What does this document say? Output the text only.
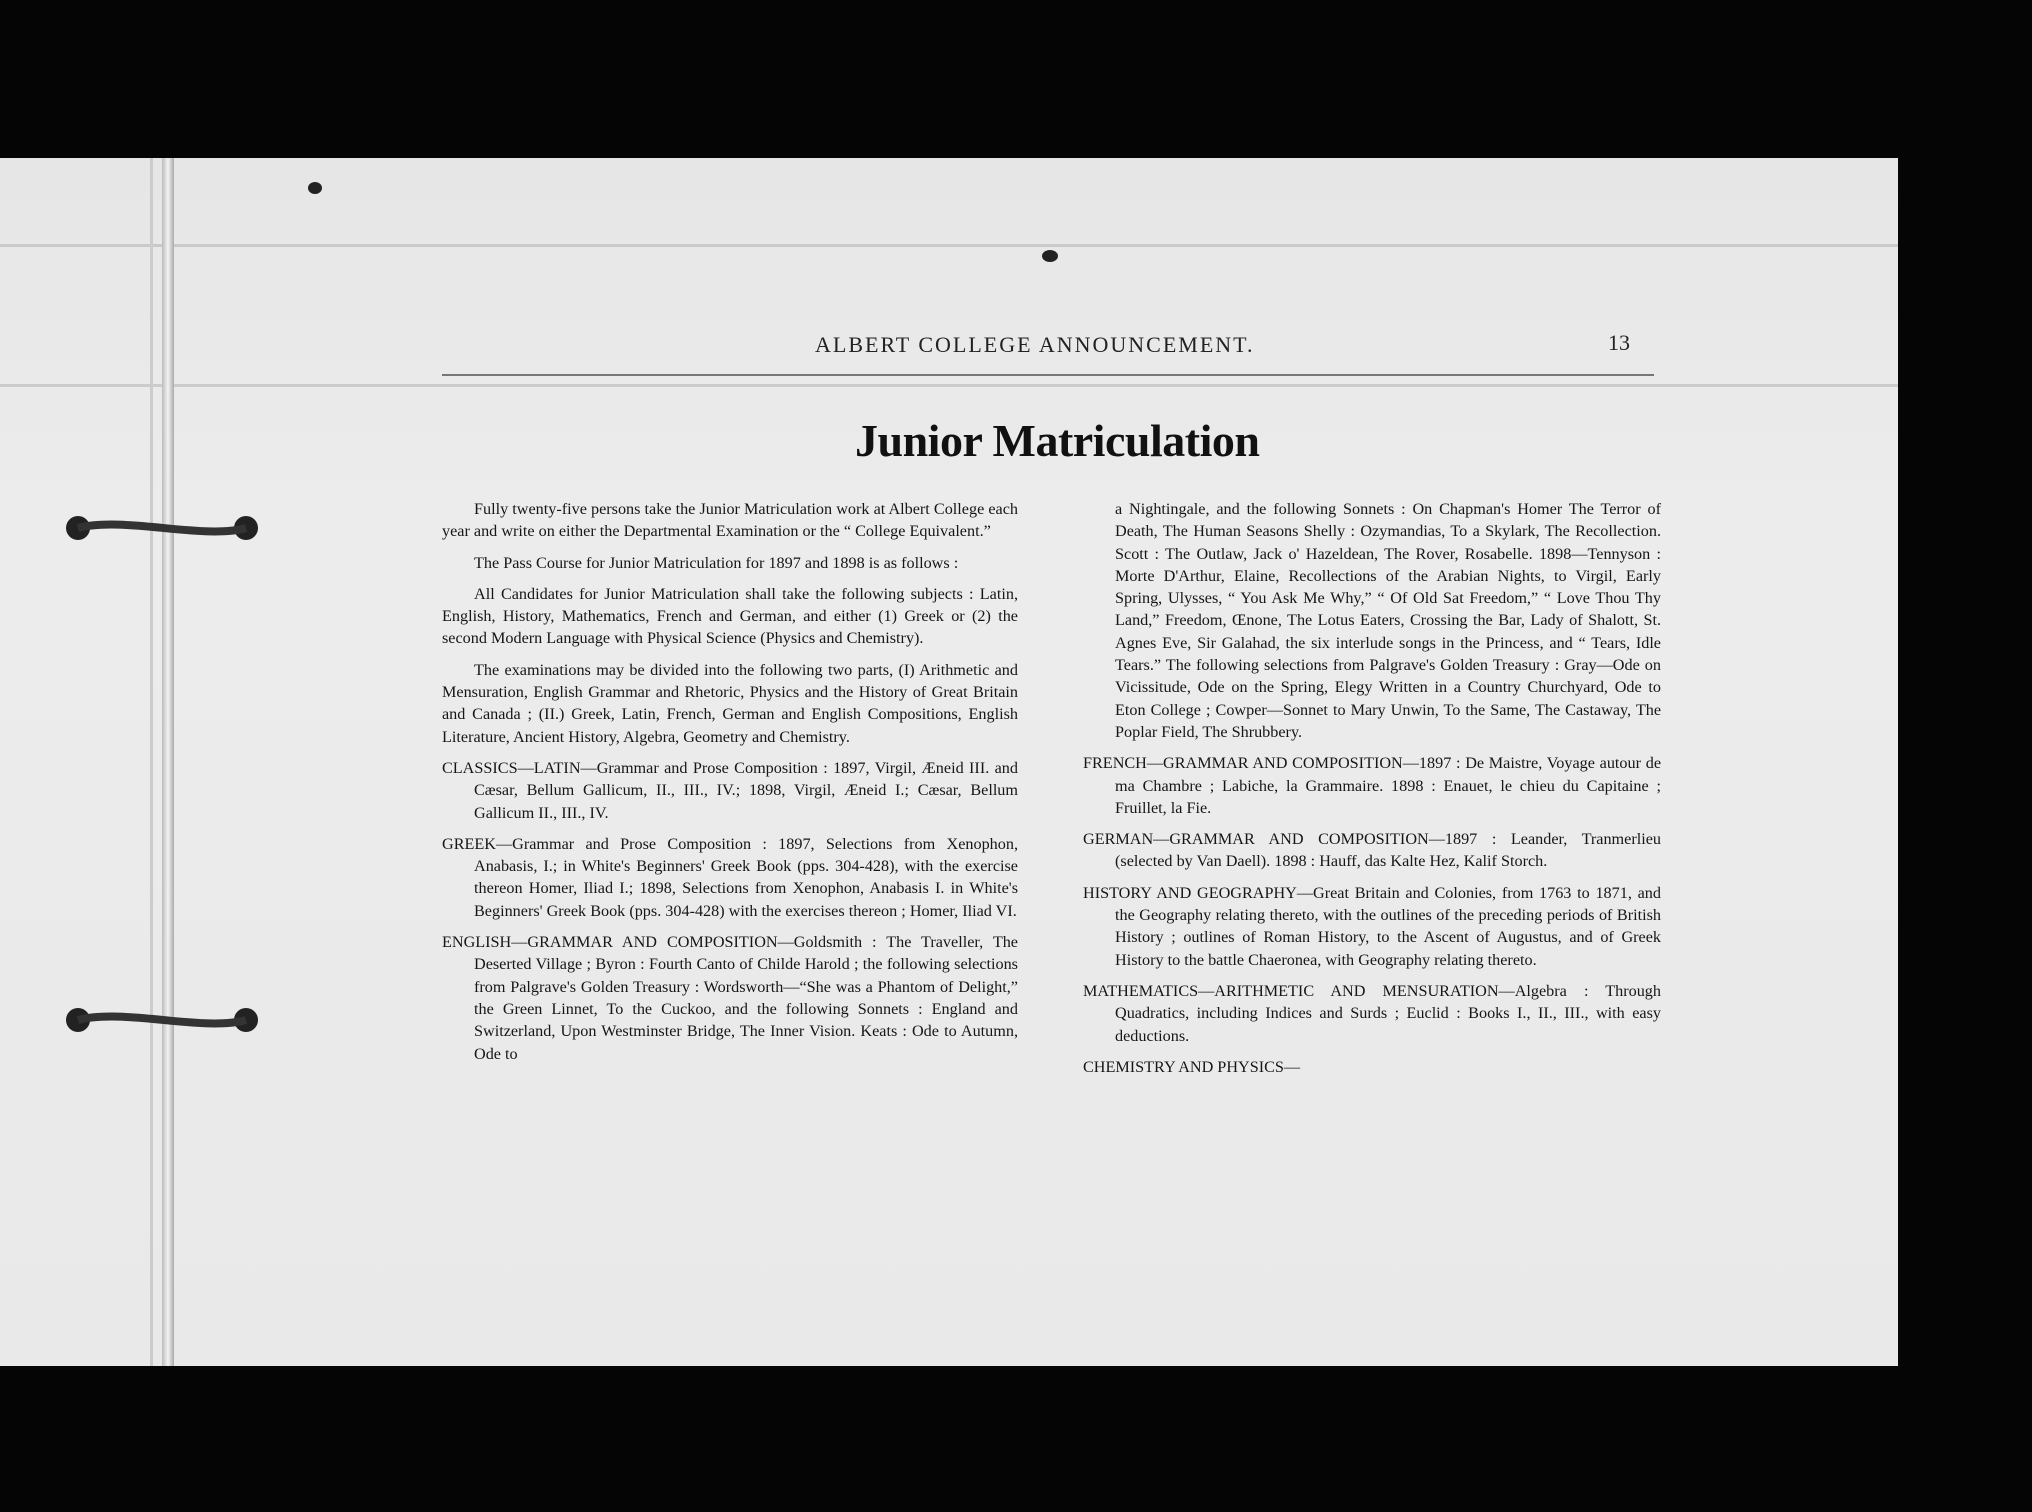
ALBERT COLLEGE ANNOUNCEMENT.	13
Junior Matriculation

Fully twenty-five persons take the Junior Matriculation work at Albert College each year and write on either the Departmental Examination or the “ College Equivalent.”

The Pass Course for Junior Matriculation for 1897 and 1898 is as follows :

All Candidates for Junior Matriculation shall take the following subjects : Latin, English, History, Mathematics, French and German, and either (1) Greek or (2) the second Modern Language with Physical Science (Physics and Chemistry).

The examinations may be divided into the following two parts, (I) Arithmetic and Mensuration, English Grammar and Rhetoric, Physics and the History of Great Britain and Canada ; (II.) Greek, Latin, French, German and English Compositions, English Literature, Ancient History, Algebra, Geometry and Chemistry.

CLASSICS—LATIN—Grammar and Prose Composition : 1897, Virgil, Æneid III. and Cæsar, Bellum Gallicum, II., III., IV.; 1898, Virgil, Æneid I.; Cæsar, Bellum Gallicum II., III., IV.

GREEK—Grammar and Prose Composition : 1897, Selections from Xenophon, Anabasis, I.; in White's Beginners' Greek Book (pps. 304-428), with the exercise thereon Homer, Iliad I.; 1898, Selections from Xenophon, Anabasis I. in White's Beginners' Greek Book (pps. 304-428) with the exercises thereon ; Homer, Iliad VI.

ENGLISH—GRAMMAR AND COMPOSITION—Goldsmith : The Traveller, The Deserted Village ; Byron : Fourth Canto of Childe Harold ; the following selections from Palgrave's Golden Treasury : Wordsworth—“She was a Phantom of Delight,” the Green Linnet, To the Cuckoo, and the following Sonnets : England and Switzerland, Upon Westminster Bridge, The Inner Vision. Keats : Ode to Autumn, Ode to

a Nightingale, and the following Sonnets : On Chapman's Homer The Terror of Death, The Human Seasons Shelly : Ozymandias, To a Skylark, The Recollection. Scott : The Outlaw, Jack o' Hazeldean, The Rover, Rosabelle. 1898—Tennyson : Morte D'Arthur, Elaine, Recollections of the Arabian Nights, to Virgil, Early Spring, Ulysses, “ You Ask Me Why,” “ Of Old Sat Freedom,” “ Love Thou Thy Land,” Freedom, Œnone, The Lotus Eaters, Crossing the Bar, Lady of Shalott, St. Agnes Eve, Sir Galahad, the six interlude songs in the Princess, and “ Tears, Idle Tears.” The following selections from Palgrave's Golden Treasury : Gray—Ode on Vicissitude, Ode on the Spring, Elegy Written in a Country Churchyard, Ode to Eton College ; Cowper—Sonnet to Mary Unwin, To the Same, The Castaway, The Poplar Field, The Shrubbery.

FRENCH—GRAMMAR AND COMPOSITION—1897 : De Maistre, Voyage autour de ma Chambre ; Labiche, la Grammaire. 1898 : Enauet, le chieu du Capitaine ; Fruillet, la Fie.

GERMAN—GRAMMAR AND COMPOSITION—1897 : Leander, Tranmerlieu (selected by Van Daell). 1898 : Hauff, das Kalte Hez, Kalif Storch.

HISTORY AND GEOGRAPHY—Great Britain and Colonies, from 1763 to 1871, and the Geography relating thereto, with the outlines of the preceding periods of British History ; outlines of Roman History, to the Ascent of Augustus, and of Greek History to the battle Chaeronea, with Geography relating thereto.

MATHEMATICS—ARITHMETIC AND MENSURATION—Algebra : Through Quadratics, including Indices and Surds ; Euclid : Books I., II., III., with easy deductions.

CHEMISTRY AND PHYSICS—
